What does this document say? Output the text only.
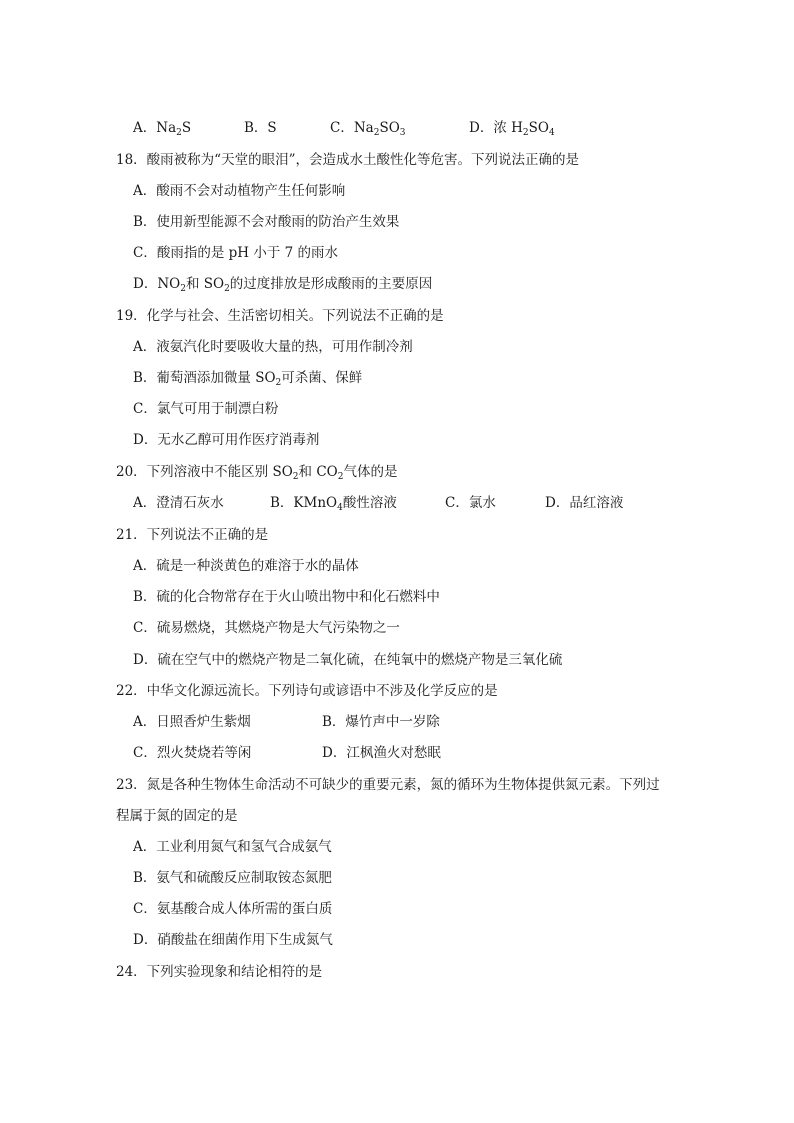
A．$Na_2S$	B．S	C．$Na_2SO_3$	D．浓 $H_2SO_4$
18．酸雨被称为“天堂的眼泪”，会造成水土酸性化等危害。下列说法正确的是
A．酸雨不会对动植物产生任何影响
B．使用新型能源不会对酸雨的防治产生效果
C．酸雨指的是 pH 小于 7 的雨水
D．$NO_2$和 $SO_2$的过度排放是形成酸雨的主要原因
19．化学与社会、生活密切相关。下列说法不正确的是
A．液氨汽化时要吸收大量的热，可用作制冷剂
B．葡萄酒添加微量 $SO_2$可杀菌、保鲜
C．氯气可用于制漂白粉
D．无水乙醇可用作医疗消毒剂
20．下列溶液中不能区别 $SO_2$和 $CO_2$气体的是
A．澄清石灰水	B．KMnO$_4$酸性溶液	C．氯水	D．品红溶液
21．下列说法不正确的是
A．硫是一种淡黄色的难溶于水的晶体
B．硫的化合物常存在于火山喷出物中和化石燃料中
C．硫易燃烧，其燃烧产物是大气污染物之一
D．硫在空气中的燃烧产物是二氧化硫，在纯氧中的燃烧产物是三氧化硫
22．中华文化源远流长。下列诗句或谚语中不涉及化学反应的是
A．日照香炉生紫烟	B．爆竹声中一岁除
C．烈火焚烧若等闲	D．江枫渔火对愁眠
23．氮是各种生物体生命活动不可缺少的重要元素，氮的循环为生物体提供氮元素。下列过
程属于氮的固定的是
A．工业利用氮气和氢气合成氨气
B．氨气和硫酸反应制取铵态氮肥
C．氨基酸合成人体所需的蛋白质
D．硝酸盐在细菌作用下生成氮气
24．下列实验现象和结论相符的是
